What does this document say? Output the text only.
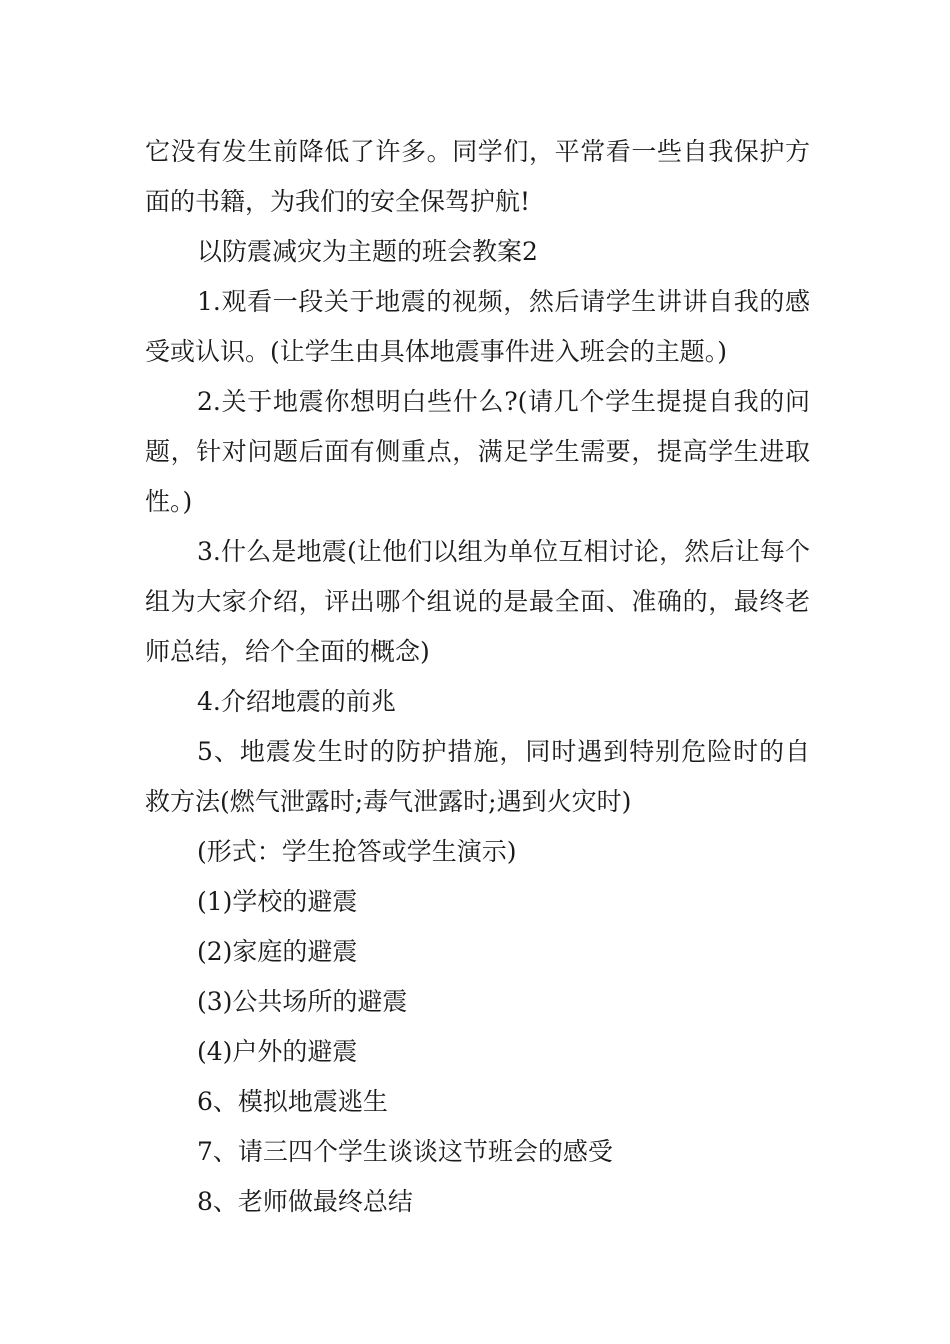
它没有发生前降低了许多。同学们，平常看一些自我保护方面的书籍，为我们的安全保驾护航!

以防震减灾为主题的班会教案2

1.观看一段关于地震的视频，然后请学生讲讲自我的感受或认识。(让学生由具体地震事件进入班会的主题。)

2.关于地震你想明白些什么?(请几个学生提提自我的问题，针对问题后面有侧重点，满足学生需要，提高学生进取性。)

3.什么是地震(让他们以组为单位互相讨论，然后让每个组为大家介绍，评出哪个组说的是最全面、准确的，最终老师总结，给个全面的概念)

4.介绍地震的前兆

5、地震发生时的防护措施，同时遇到特别危险时的自救方法(燃气泄露时;毒气泄露时;遇到火灾时)

(形式：学生抢答或学生演示)

(1)学校的避震

(2)家庭的避震

(3)公共场所的避震

(4)户外的避震

6、模拟地震逃生

7、请三四个学生谈谈这节班会的感受

8、老师做最终总结
